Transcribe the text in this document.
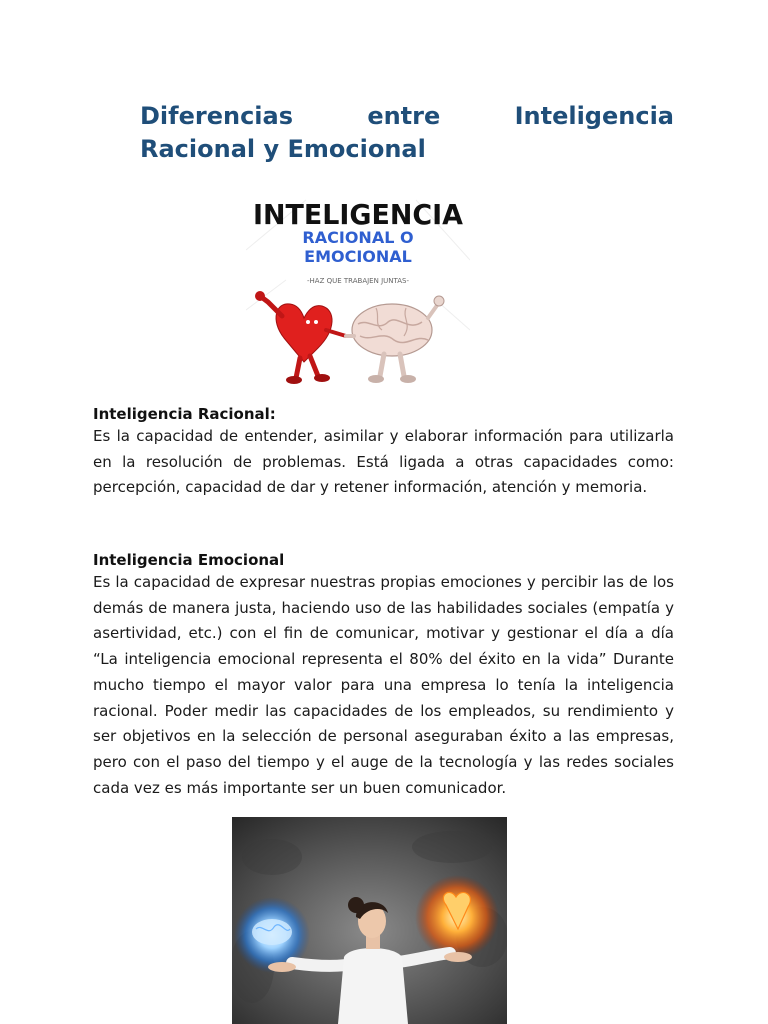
Diferencias entre Inteligencia
Racional y Emocional
INTELIGENCIA
RACIONAL O
EMOCIONAL
-HAZ QUE TRABAJEN JUNTAS-
Inteligencia Racional:

Es la capacidad de entender, asimilar y elaborar información para utilizarla en la resolución de problemas. Está ligada a otras capacidades como: percepción, capacidad de dar y retener información, atención y memoria.

Inteligencia Emocional

Es la capacidad de expresar nuestras propias emociones y percibir las de los demás de manera justa, haciendo uso de las habilidades sociales (empatía y asertividad, etc.) con el fin de comunicar, motivar y gestionar el día a día “La inteligencia emocional representa el 80% del éxito en la vida” Durante mucho tiempo el mayor valor para una empresa lo tenía la inteligencia racional. Poder medir las capacidades de los empleados, su rendimiento y ser objetivos en la selección de personal aseguraban éxito a las empresas, pero con el paso del tiempo y el auge de la tecnología y las redes sociales cada vez es más importante ser un buen comunicador.
